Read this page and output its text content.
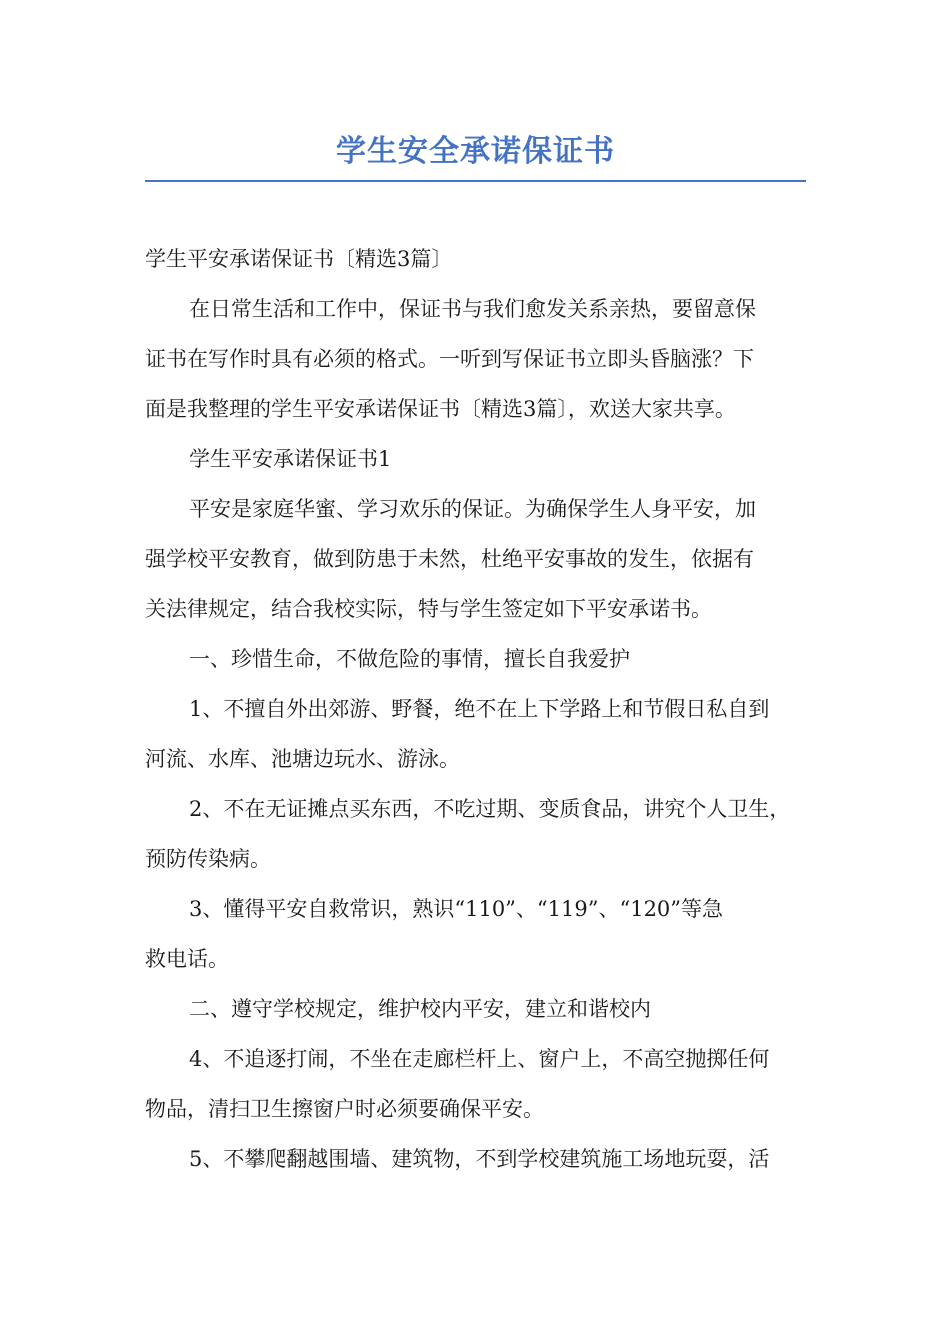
学生安全承诺保证书
学生平安承诺保证书〔精选3篇〕
在日常生活和工作中，保证书与我们愈发关系亲热，要留意保
证书在写作时具有必须的格式。一听到写保证书立即头昏脑涨？下
面是我整理的学生平安承诺保证书〔精选3篇〕，欢送大家共享。
学生平安承诺保证书1
平安是家庭华蜜、学习欢乐的保证。为确保学生人身平安，加
强学校平安教育，做到防患于未然，杜绝平安事故的发生，依据有
关法律规定，结合我校实际，特与学生签定如下平安承诺书。
一、珍惜生命，不做危险的事情，擅长自我爱护
1、不擅自外出郊游、野餐，绝不在上下学路上和节假日私自到
河流、水库、池塘边玩水、游泳。
2、不在无证摊点买东西，不吃过期、变质食品，讲究个人卫生，
预防传染病。
3、懂得平安自救常识，熟识“110”、“119”、“120”等急
救电话。
二、遵守学校规定，维护校内平安，建立和谐校内
4、不追逐打闹，不坐在走廊栏杆上、窗户上，不高空抛掷任何
物品，清扫卫生擦窗户时必须要确保平安。
5、不攀爬翻越围墙、建筑物，不到学校建筑施工场地玩耍，活
